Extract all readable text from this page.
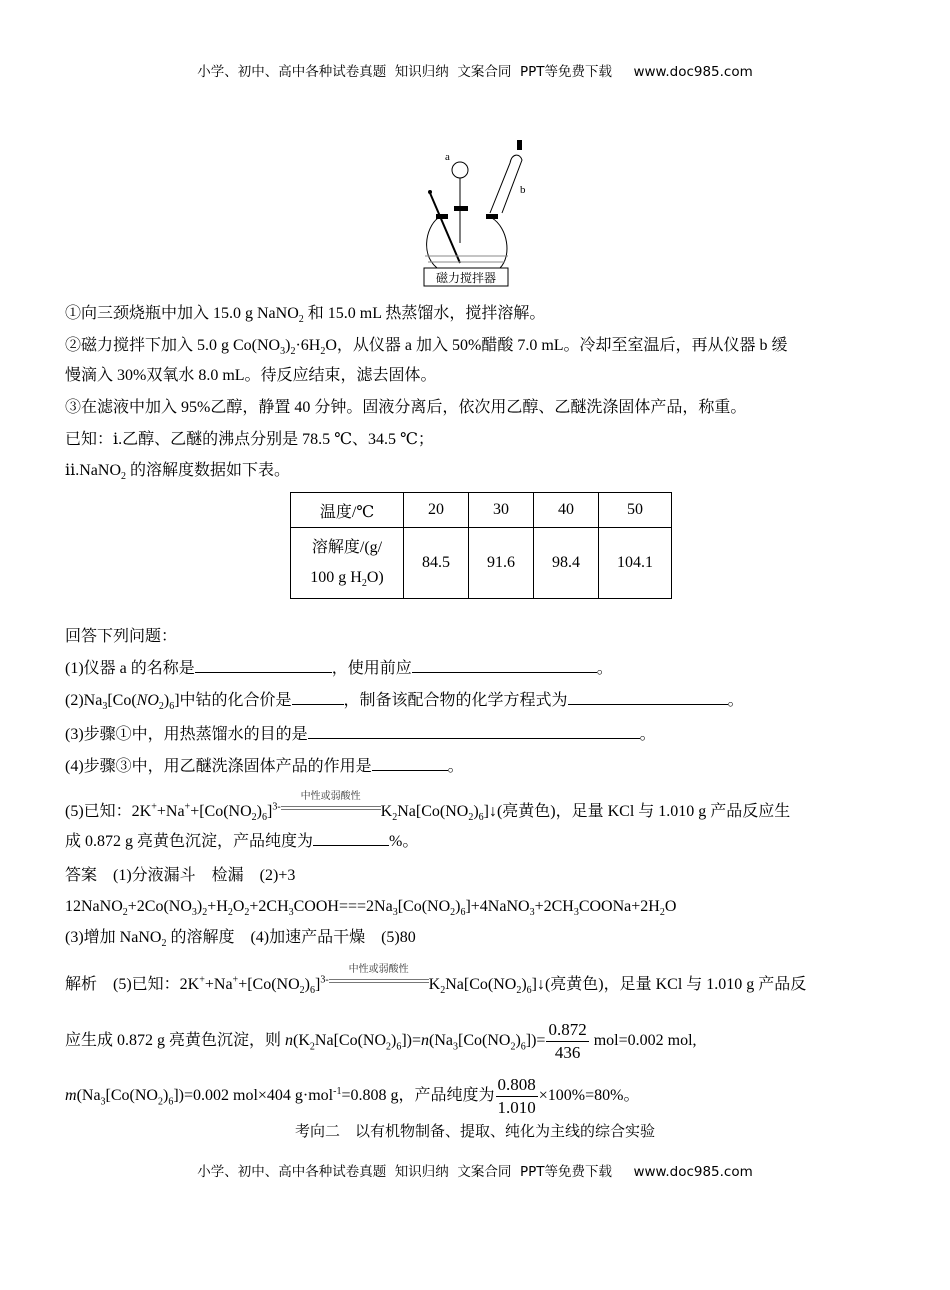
小学、初中、高中各种试卷真题  知识归纳  文案合同  PPT等免费下载     www.doc985.com
a
b
磁力搅拌器
①向三颈烧瓶中加入 15.0 g NaNO$_2$ 和 15.0 mL 热蒸馏水，搅拌溶解。
②磁力搅拌下加入 5.0 g $Co(NO_3)_2\cdot 6H_2O$，从仪器 a 加入 50%醋酸 7.0 mL。冷却至室温后，再从仪器 b 缓
慢滴入 30%双氧水 8.0 mL。待反应结束，滤去固体。
③在滤液中加入 95%乙醇，静置 40 分钟。固液分离后，依次用乙醇、乙醚洗涤固体产品，称重。
已知：ⅰ.乙醇、乙醚的沸点分别是 78.5 ℃、34.5 ℃；
ⅱ.NaNO$_2$ 的溶解度数据如下表。
回答下列问题：
(1)仪器 a 的名称是	，使用前应	。
$(2)Na_3[Co(NO_2)_6]$中钴的化合价是	，制备该配合物的化学方程式为	。
(3)步骤①中，用热蒸馏水的目的是	。
(4)步骤③中，用乙醚洗涤固体产品的作用是	。
(5)已知：$2K^++Na^++[Co(NO_2)_6]^{3-}$
中性或弱酸性
$K_2Na[Co(NO_2)_6]↓$(亮黄色)，足量 KCl 与 1.010 g 产品反应生
成 0.872 g 亮黄色沉淀，产品纯度为	%。
答案　(1)分液漏斗　检漏　(2)+3
$12NaNO_2+2Co(NO_3)_2+H_2O_2+2CH_3COOH===2Na_3[Co(NO_2)_6]+4NaNO_3+2CH_3COONa+2H_2O$
(3)增加 NaNO$_2$ 的溶解度　(4)加速产品干燥　(5)80
解析　(5)已知：$2K^++Na^++[Co(NO_2)_6]^{3-}$
中性或弱酸性
$K_2Na[Co(NO_2)_6]↓$(亮黄色)，足量 KCl 与 1.010 g 产品反
应生成 0.872 g 亮黄色沉淀，则 $n(K_2Na[Co(NO_2)_6])=n(Na_3[Co(NO_2)_6])= \frac{0.872}{436} mol=0.002$ mol,
$m(Na_3[Co(NO_2)_6])=0.002$ mol×404 g·mol$^{-1}$=0.808 g，产品纯度为 $\frac{0.808}{1.010} \times 100\%=80\%$。
温度/℃	20	30	40	50
溶解度/(g/
100 g $H_2O$)	84.5	91.6	98.4	104.1
考向二　以有机物制备、提取、纯化为主线的综合实验
小学、初中、高中各种试卷真题  知识归纳  文案合同  PPT等免费下载     www.doc985.com
